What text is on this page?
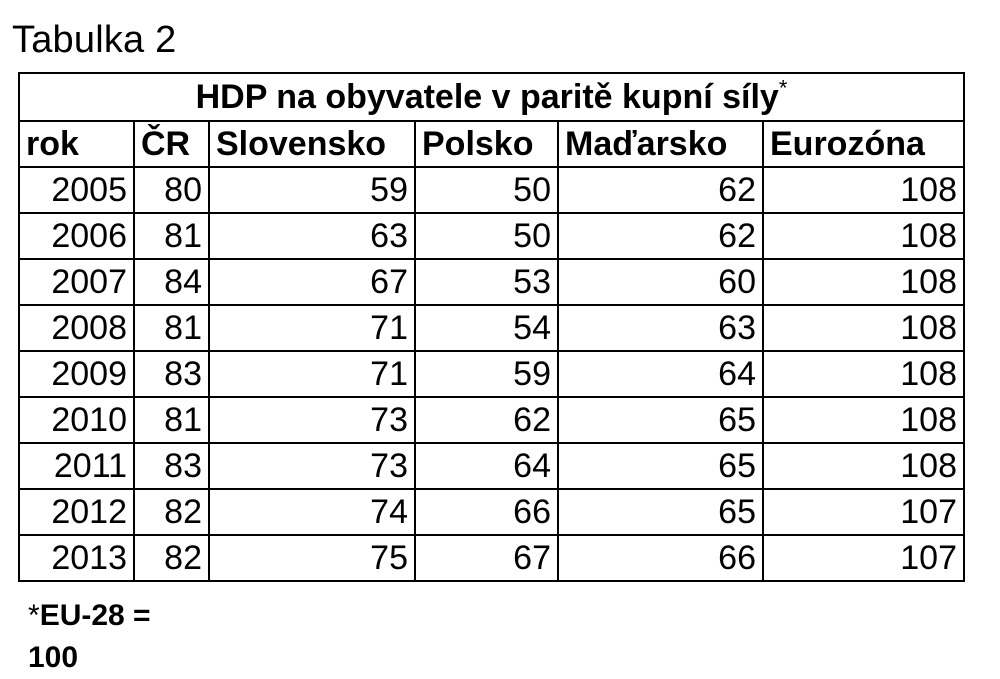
Tabulka 2
HDP na obyvatele v paritě kupní síly*
rok	ČR	Slovensko	Polsko	Maďarsko	Eurozóna
2005	80	59	50	62	108
2006	81	63	50	62	108
2007	84	67	53	60	108
2008	81	71	54	63	108
2009	83	71	59	64	108
2010	81	73	62	65	108
2011	83	73	64	65	108
2012	82	74	66	65	107
2013	82	75	67	66	107
*EU-28 =
100
